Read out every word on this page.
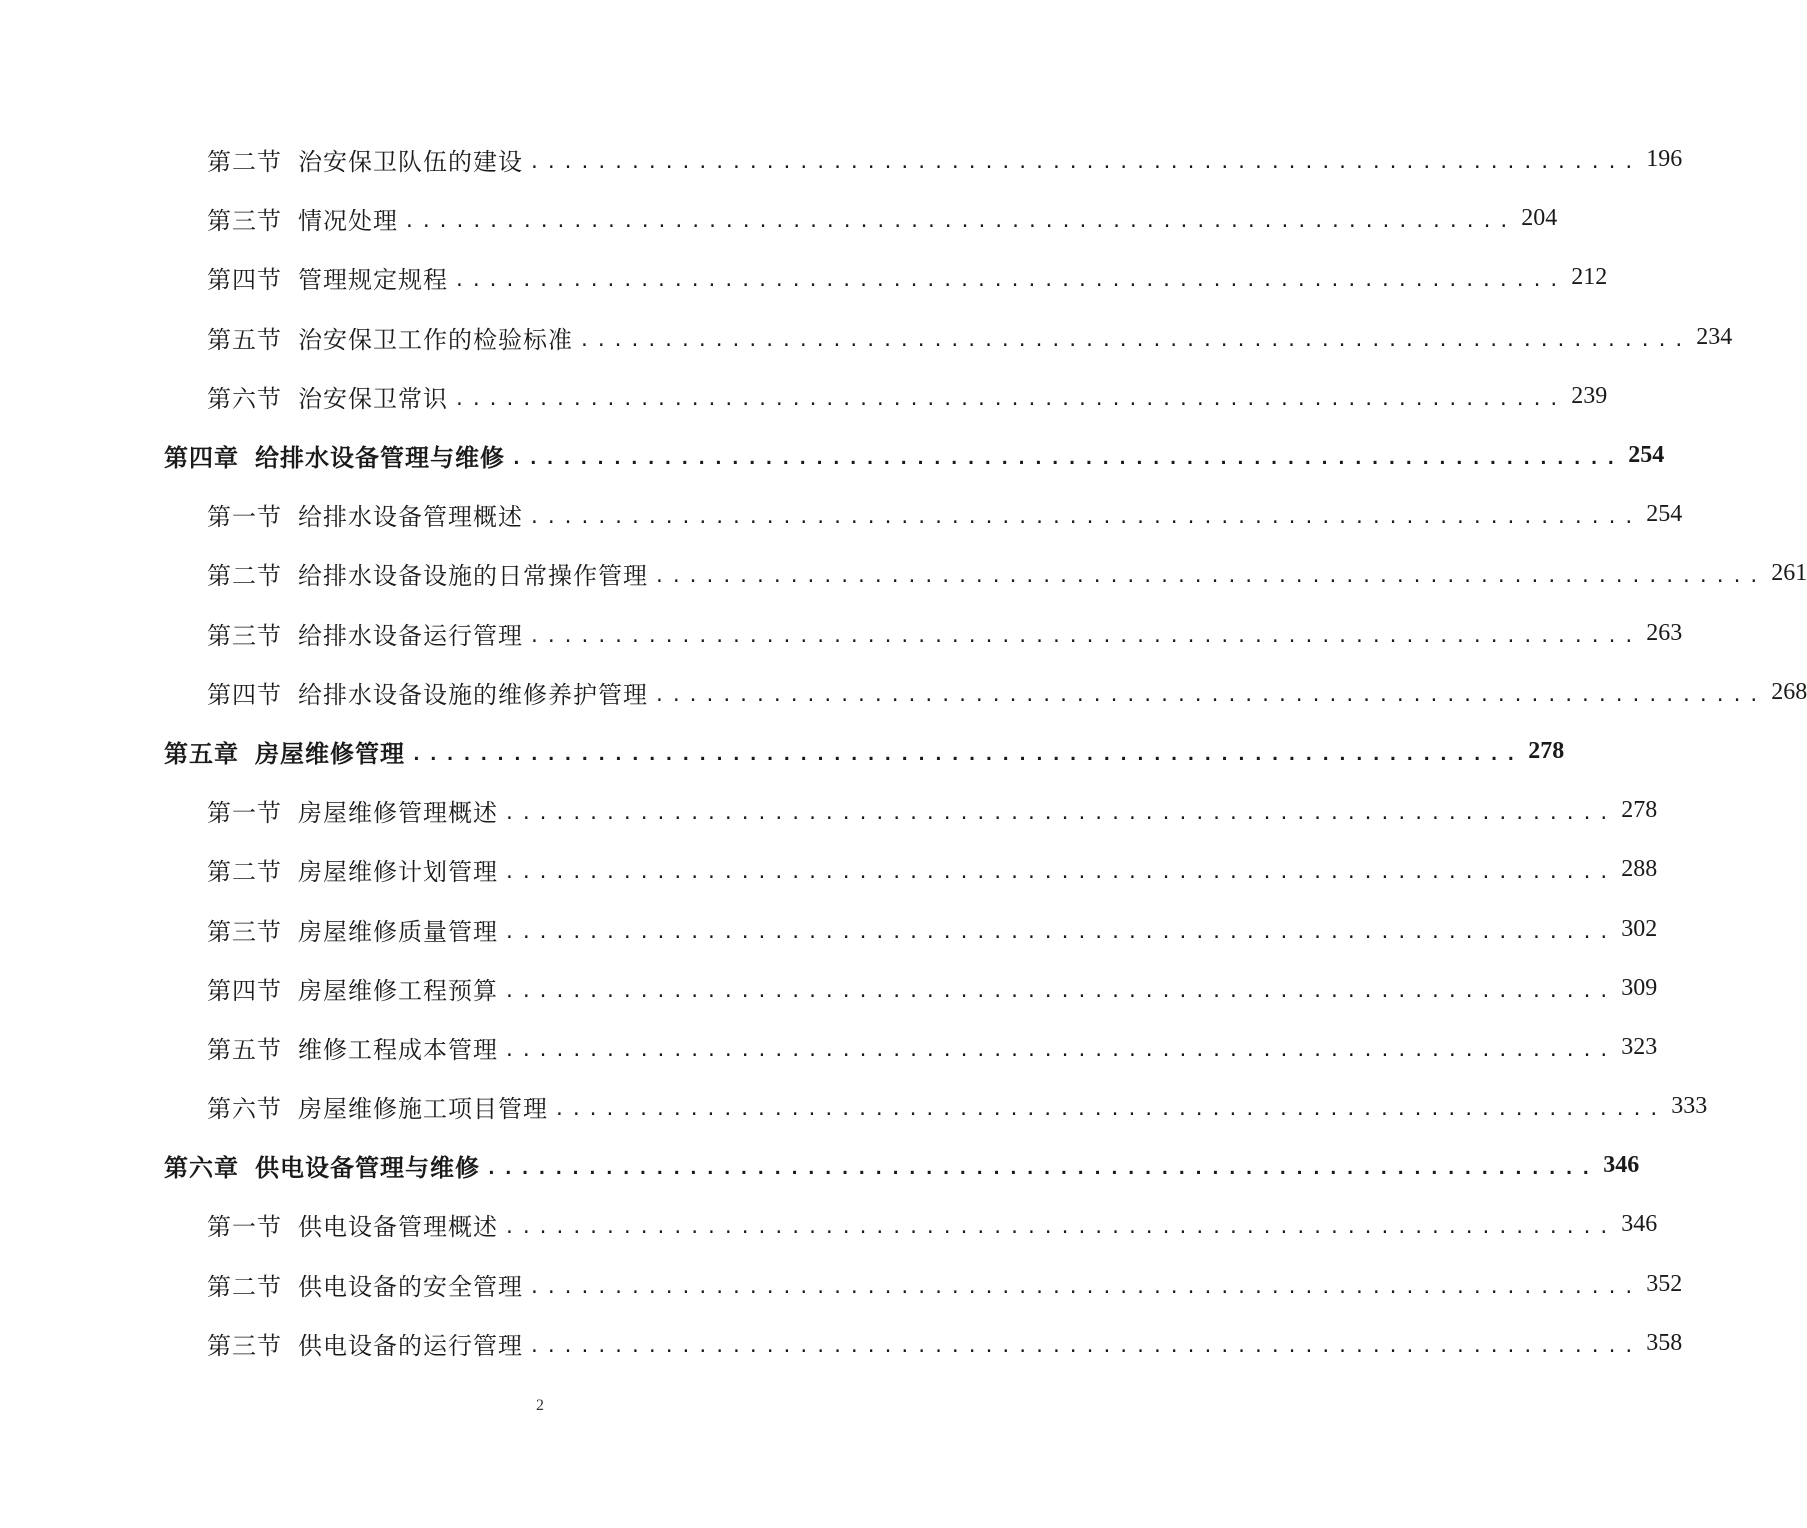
第二节 治安保卫队伍的建设 .................................................................. 196
第三节 情况处理 .................................................................. 204
第四节 管理规定规程 .................................................................. 212
第五节 治安保卫工作的检验标准 .................................................................. 234
第六节 治安保卫常识 .................................................................. 239
第四章 给排水设备管理与维修 .................................................................. 254
第一节 给排水设备管理概述 .................................................................. 254
第二节 给排水设备设施的日常操作管理 .................................................................. 261
第三节 给排水设备运行管理 .................................................................. 263
第四节 给排水设备设施的维修养护管理 .................................................................. 268
第五章 房屋维修管理 .................................................................. 278
第一节 房屋维修管理概述 .................................................................. 278
第二节 房屋维修计划管理 .................................................................. 288
第三节 房屋维修质量管理 .................................................................. 302
第四节 房屋维修工程预算 .................................................................. 309
第五节 维修工程成本管理 .................................................................. 323
第六节 房屋维修施工项目管理 .................................................................. 333
第六章 供电设备管理与维修 .................................................................. 346
第一节 供电设备管理概述 .................................................................. 346
第二节 供电设备的安全管理 .................................................................. 352
第三节 供电设备的运行管理 .................................................................. 358
2
